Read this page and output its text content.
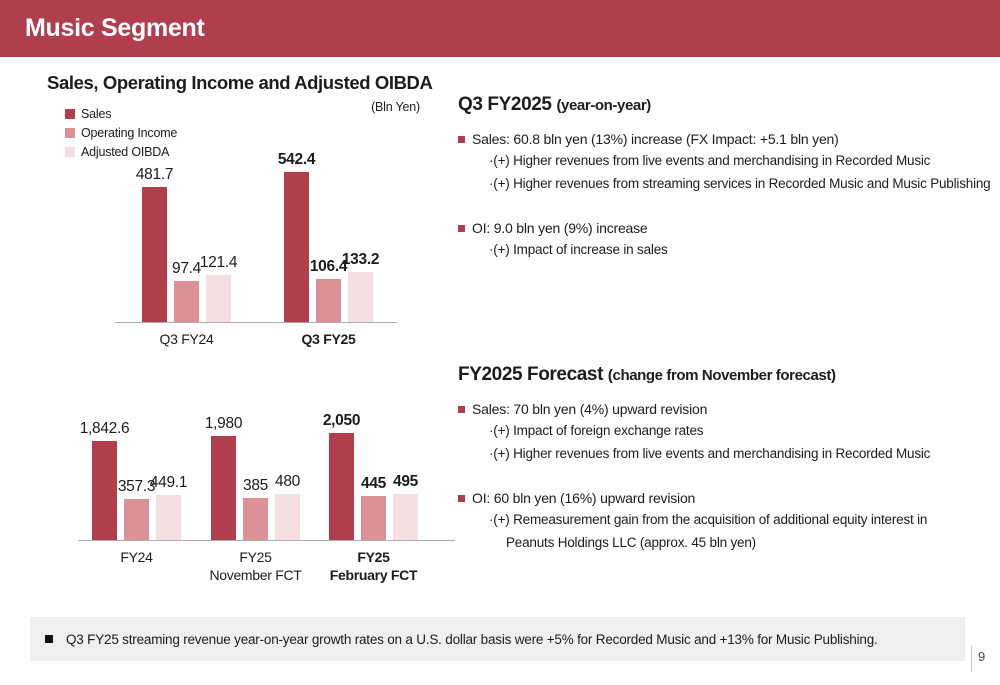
Music Segment
Sales, Operating Income and Adjusted OIBDA
Sales
Operating Income
Adjusted OIBDA
(Bln Yen)
481.7
97.4
121.4
Q3 FY24
542.4
106.4
133.2
Q3 FY25
1,842.6
357.3
449.1
FY24
1,980
385 480
FY25
November FCT
2,050
445 495
FY25
February FCT
Q3 FY2025 (year-on-year)
Sales: 60.8 bln yen (13%) increase (FX Impact: +5.1 bln yen)
·(+) Higher revenues from live events and merchandising in Recorded Music
·(+) Higher revenues from streaming services in Recorded Music and Music Publishing
OI: 9.0 bln yen (9%) increase
·(+) Impact of increase in sales
FY2025 Forecast (change from November forecast)
Sales: 70 bln yen (4%) upward revision
·(+) Impact of foreign exchange rates
·(+) Higher revenues from live events and merchandising in Recorded Music
OI: 60 bln yen (16%) upward revision
·(+) Remeasurement gain from the acquisition of additional equity interest in
Peanuts Holdings LLC (approx. 45 bln yen)
Q3 FY25 streaming revenue year-on-year growth rates on a U.S. dollar basis were +5% for Recorded Music and +13% for Music Publishing.
9
